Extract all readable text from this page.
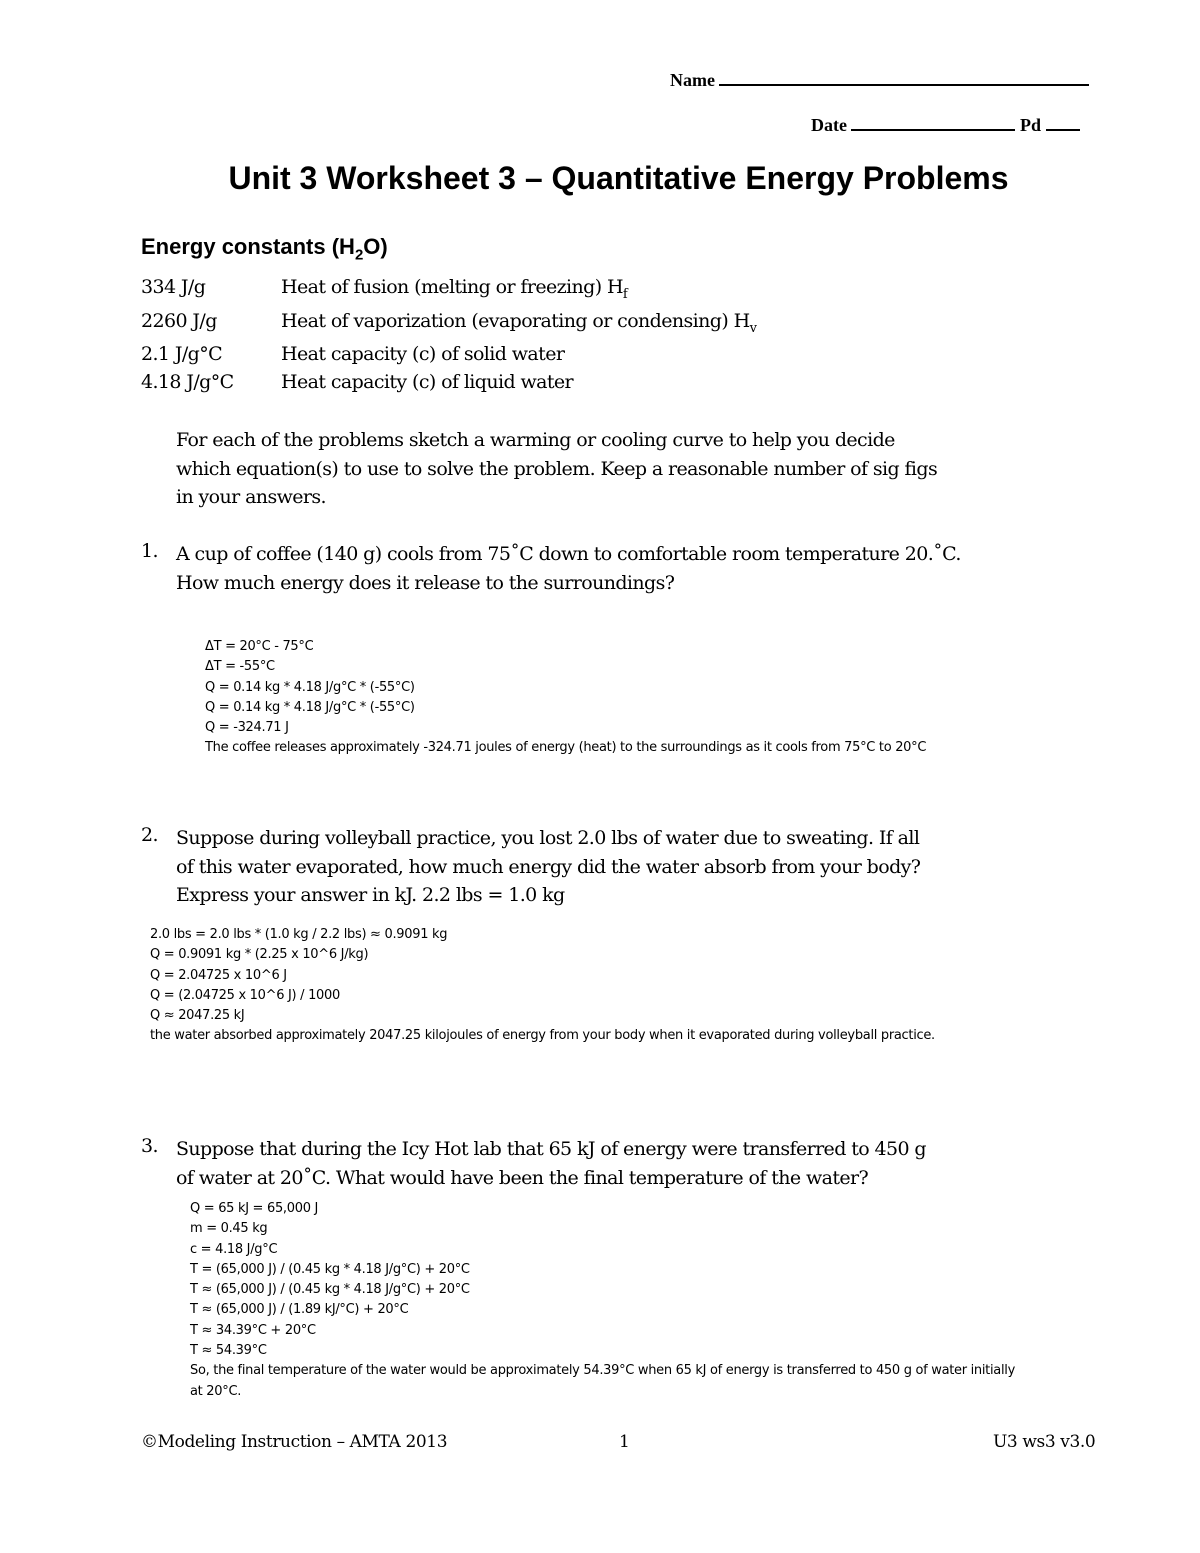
Name
Date	Pd
Unit 3 Worksheet 3 – Quantitative Energy Problems
Energy constants $(H_2O)$
334 J/g	Heat of fusion (melting or freezing) $H_f$
2260 J/g	Heat of vaporization (evaporating or condensing) $H_v$
2.1 J/g°C	Heat capacity (c) of solid water
4.18 J/g°C Heat capacity (c) of liquid water
For each of the problems sketch a warming or cooling curve to help you decide
which equation(s) to use to solve the problem. Keep a reasonable number of sig figs
in your answers.
1. A cup of coffee (140 g) cools from 75˚C down to comfortable room temperature 20.˚C.
How much energy does it release to the surroundings?
ΔT = 20°C - 75°C
ΔT = -55°C
Q = 0.14 kg * 4.18 J/g°C * (-55°C)
Q = 0.14 kg * 4.18 J/g°C * (-55°C)
Q = -324.71 J
The coffee releases approximately -324.71 joules of energy (heat) to the surroundings as it cools from 75°C to 20°C
2. Suppose during volleyball practice, you lost 2.0 lbs of water due to sweating. If all
of this water evaporated, how much energy did the water absorb from your body?
Express your answer in kJ. 2.2 lbs = 1.0 kg
2.0 lbs = 2.0 lbs * (1.0 kg / 2.2 lbs) ≈ 0.9091 kg
Q = 0.9091 kg * (2.25 x 10^6 J/kg)
Q = 2.04725 x 10^6 J
Q = (2.04725 x 10^6 J) / 1000
Q ≈ 2047.25 kJ
the water absorbed approximately 2047.25 kilojoules of energy from your body when it evaporated during volleyball practice.
3. Suppose that during the Icy Hot lab that 65 kJ of energy were transferred to 450 g
of water at 20˚C. What would have been the final temperature of the water?
Q = 65 kJ = 65,000 J
m = 0.45 kg
c = 4.18 J/g°C
T = (65,000 J) / (0.45 kg * 4.18 J/g°C) + 20°C
T ≈ (65,000 J) / (0.45 kg * 4.18 J/g°C) + 20°C
T ≈ (65,000 J) / (1.89 kJ/°C) + 20°C
T ≈ 34.39°C + 20°C
T ≈ 54.39°C
So, the final temperature of the water would be approximately 54.39°C when 65 kJ of energy is transferred to 450 g of water initially
at 20°C.
©Modeling Instruction – AMTA 2013	1	U3 ws3 v3.0
